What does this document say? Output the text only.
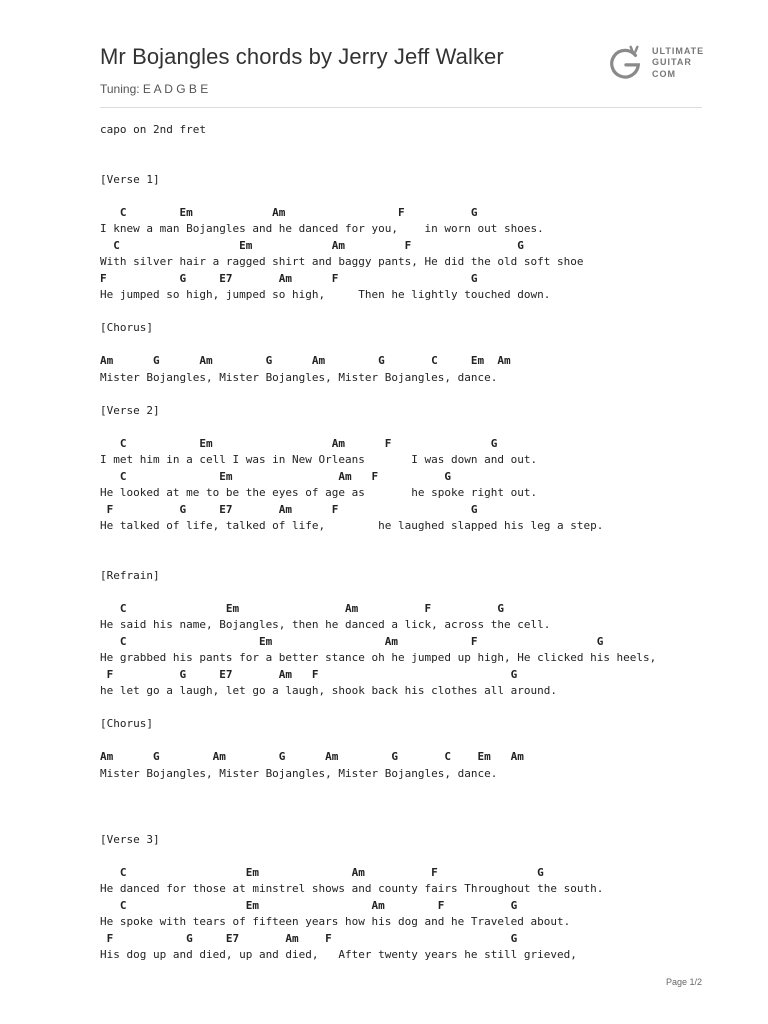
Mr Bojangles chords by Jerry Jeff Walker
Tuning: E A D G B E
ULTIMATE
GUITAR
COM
capo on 2nd fret
[Verse 1]
C        Em            Am                 F          G
I knew a man Bojangles and he danced for you,    in worn out shoes.
C                  Em            Am         F                G
With silver hair a ragged shirt and baggy pants, He did the old soft shoe
F           G     E7       Am      F                    G
He jumped so high, jumped so high,     Then he lightly touched down.
[Chorus]
Am      G      Am        G      Am        G       C     Em  Am
Mister Bojangles, Mister Bojangles, Mister Bojangles, dance.
[Verse 2]
C           Em                  Am      F               G
I met him in a cell I was in New Orleans       I was down and out.
C              Em                Am   F          G
He looked at me to be the eyes of age as       he spoke right out.
F          G     E7       Am      F                    G
He talked of life, talked of life,        he laughed slapped his leg a step.
[Refrain]
C               Em                Am          F          G
He said his name, Bojangles, then he danced a lick, across the cell.
C                    Em                 Am           F                  G
He grabbed his pants for a better stance oh he jumped up high, He clicked his heels,
F          G     E7       Am   F                             G
he let go a laugh, let go a laugh, shook back his clothes all around.
[Chorus]
Am      G        Am        G      Am        G       C    Em   Am
Mister Bojangles, Mister Bojangles, Mister Bojangles, dance.
[Verse 3]
C                  Em              Am          F               G
He danced for those at minstrel shows and county fairs Throughout the south.
C                  Em                 Am        F          G
He spoke with tears of fifteen years how his dog and he Traveled about.
F           G     E7       Am    F                           G
His dog up and died, up and died,   After twenty years he still grieved,
Page 1/2
